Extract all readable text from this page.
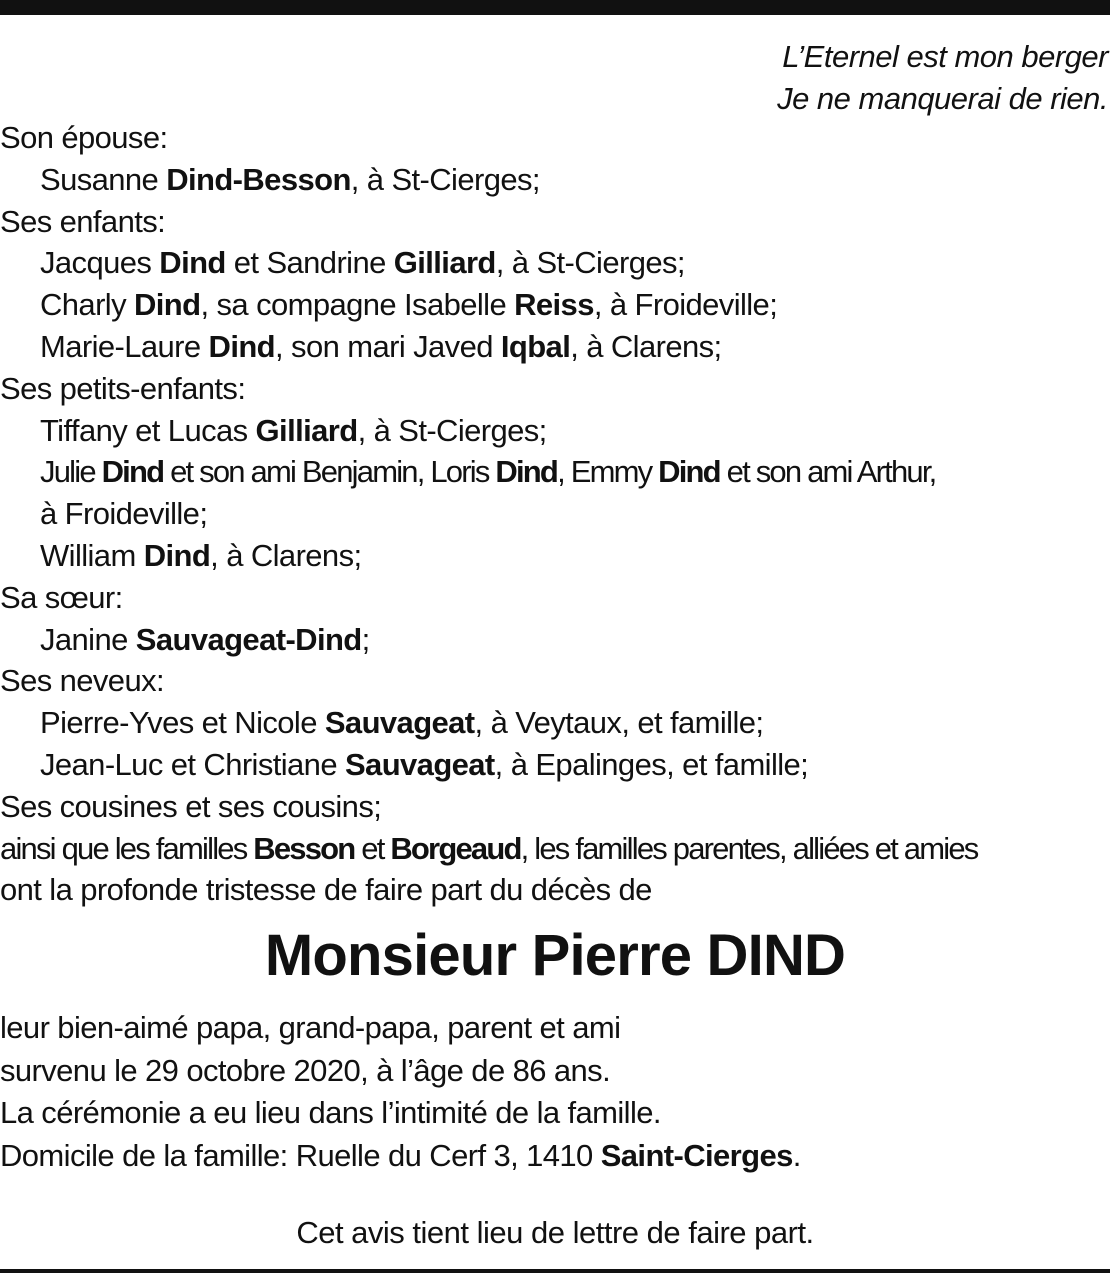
L’Eternel est mon berger
Je ne manquerai de rien.
Son épouse:
Susanne Dind-Besson, à St-Cierges;
Ses enfants:
Jacques Dind et Sandrine Gilliard, à St-Cierges;
Charly Dind, sa compagne Isabelle Reiss, à Froideville;
Marie-Laure Dind, son mari Javed Iqbal, à Clarens;
Ses petits-enfants:
Tiffany et Lucas Gilliard, à St-Cierges;
Julie Dind et son ami Benjamin, Loris Dind, Emmy Dind et son ami Arthur,
à Froideville;
William Dind, à Clarens;
Sa sœur:
Janine Sauvageat-Dind;
Ses neveux:
Pierre-Yves et Nicole Sauvageat, à Veytaux, et famille;
Jean-Luc et Christiane Sauvageat, à Epalinges, et famille;
Ses cousines et ses cousins;
ainsi que les familles Besson et Borgeaud, les familles parentes, alliées et amies
ont la profonde tristesse de faire part du décès de
Monsieur Pierre DIND
leur bien-aimé papa, grand-papa, parent et ami
survenu le 29 octobre 2020, à l’âge de 86 ans.
La cérémonie a eu lieu dans l’intimité de la famille.
Domicile de la famille: Ruelle du Cerf 3, 1410 Saint-Cierges.
Cet avis tient lieu de lettre de faire part.
